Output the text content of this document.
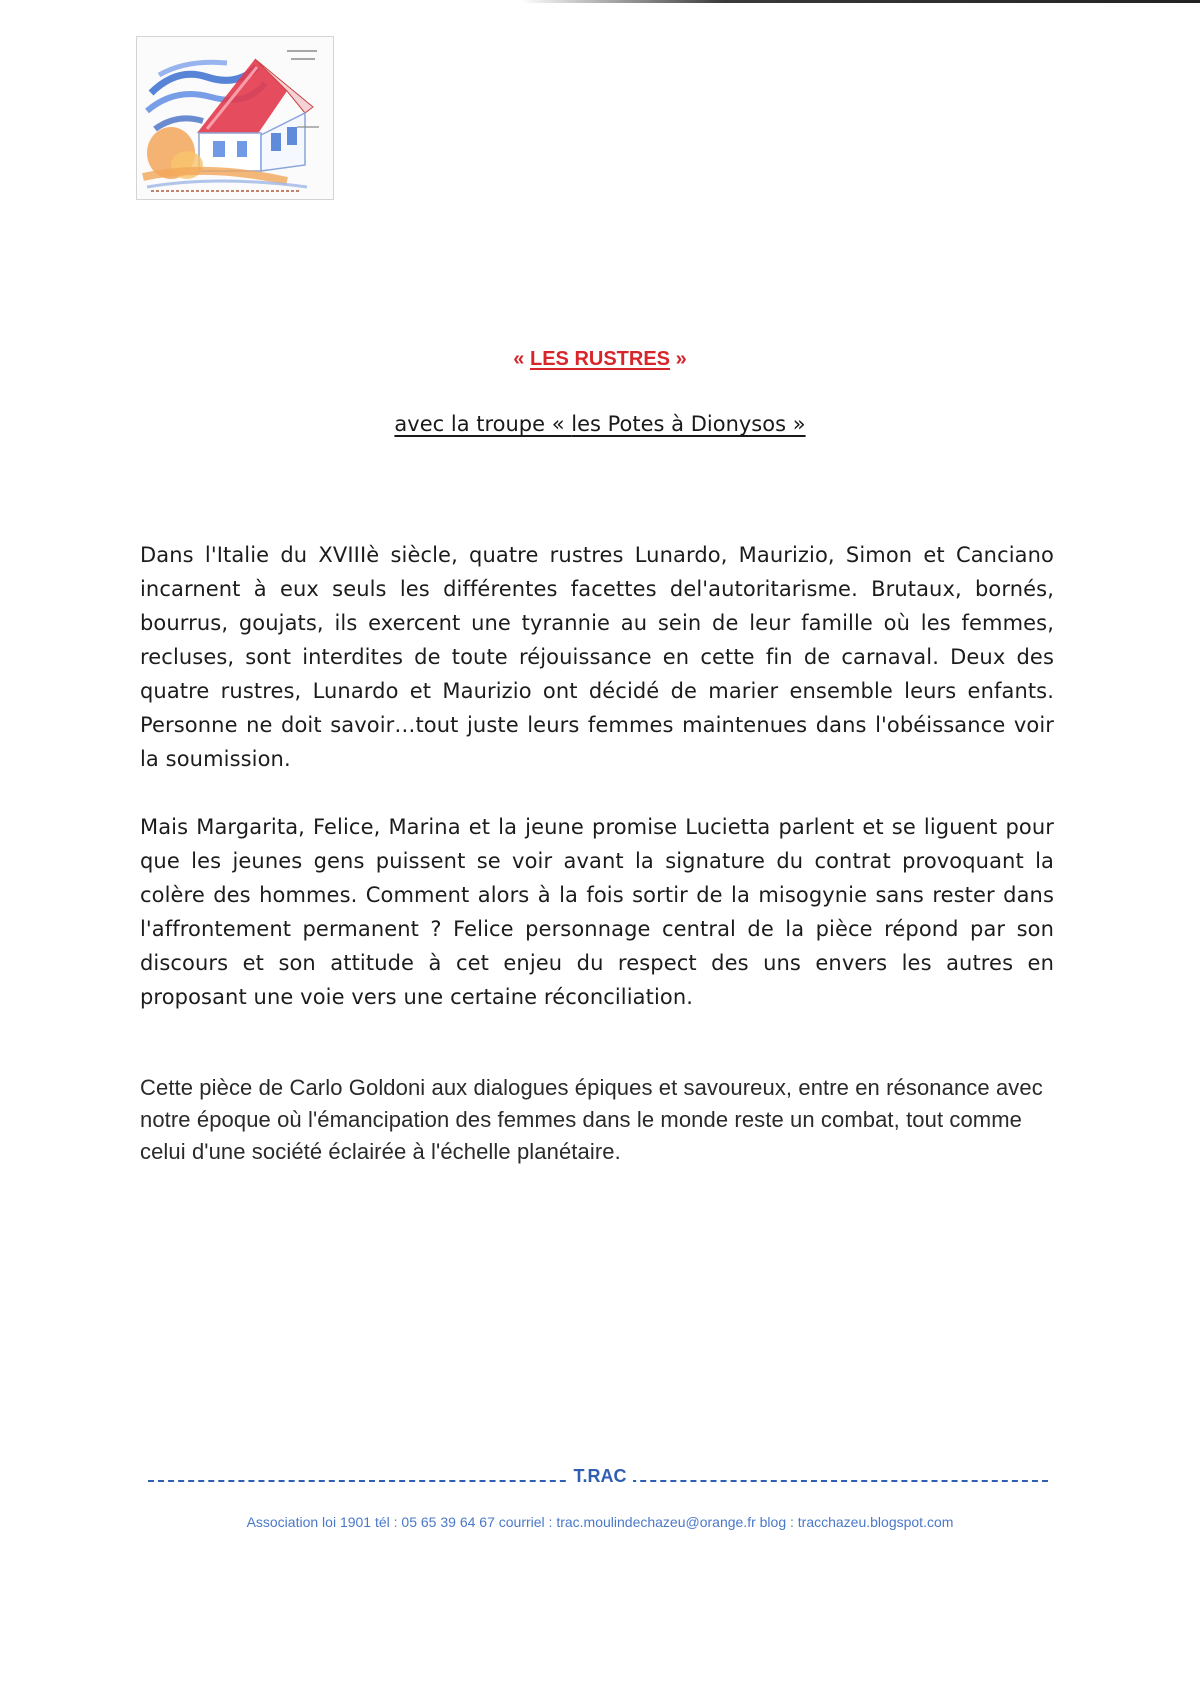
« LES RUSTRES »
avec la troupe « les Potes à Dionysos »

Dans l'Italie du XVIIIè siècle, quatre rustres Lunardo, Maurizio, Simon et Canciano incarnent à eux seuls les différentes facettes del'autoritarisme. Brutaux, bornés, bourrus, goujats, ils exercent une tyrannie au sein de leur famille où les femmes, recluses, sont interdites de toute réjouissance en cette fin de carnaval. Deux des quatre rustres, Lunardo et Maurizio ont décidé de marier ensemble leurs enfants. Personne ne doit savoir…tout juste leurs femmes maintenues dans l'obéissance voir la soumission.

Mais Margarita, Felice, Marina et la jeune promise Lucietta parlent et se liguent pour que les jeunes gens puissent se voir avant la signature du contrat provoquant la colère des hommes. Comment alors à la fois sortir de la misogynie sans rester dans l'affrontement permanent ? Felice personnage central de la pièce répond par son discours et son attitude à cet enjeu du respect des uns envers les autres en proposant une voie vers une certaine réconciliation.

Cette pièce de Carlo Goldoni aux dialogues épiques et savoureux, entre en résonance avec notre époque où l'émancipation des femmes dans le monde reste un combat, tout comme celui d'une société éclairée à l'échelle planétaire.

T.RAC
Association loi 1901 tél : 05 65 39 64 67 courriel : trac.moulindechazeu@orange.fr blog : tracchazeu.blogspot.com
